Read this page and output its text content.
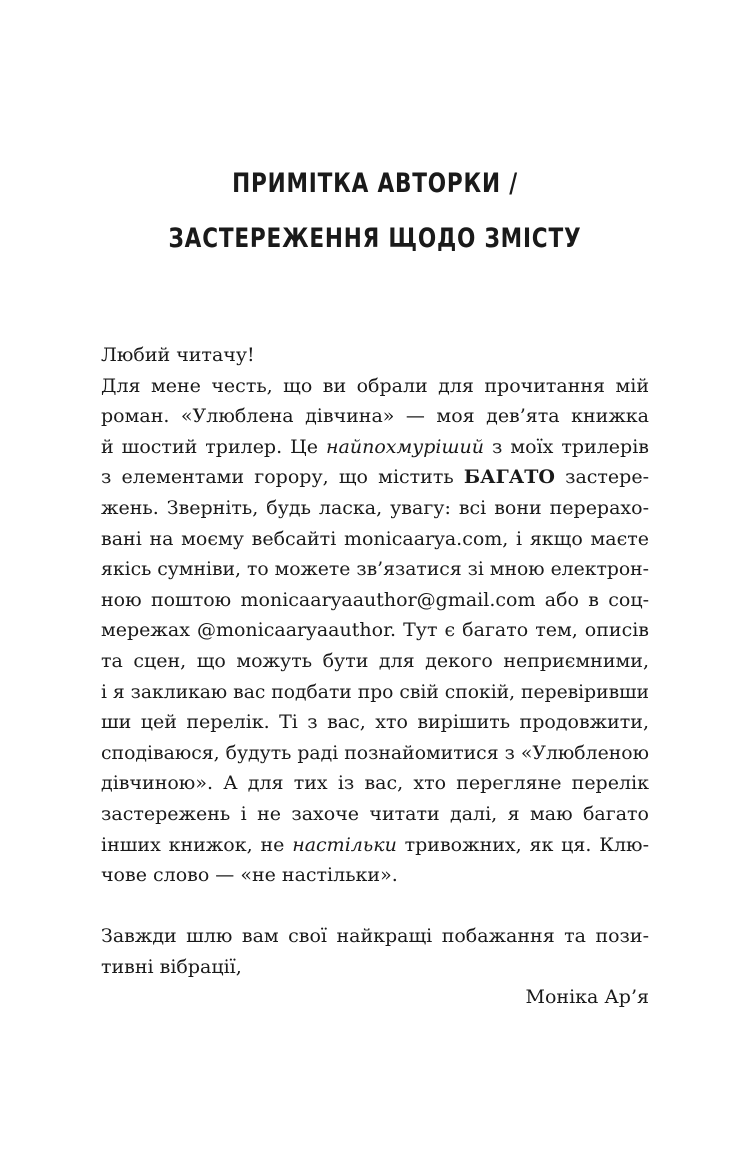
ПРИМІТКА АВТОРКИ /
ЗАСТЕРЕЖЕННЯ ЩОДО ЗМІСТУ
Любий читачу!
Для мене честь, що ви обрали для прочитання мій
роман. «Улюблена дівчина» — моя дев’ята книжка
й шостий трилер. Це найпохмуріший з моїх трилерів
з елементами горору, що містить БАГАТО застере-
жень. Зверніть, будь ласка, увагу: всі вони перерахо-
вані на моєму вебсайті monicaarya.com, і якщо маєте
якісь сумніви, то можете зв’язатися зі мною електрон-
ною поштою monicaaryaauthor@gmail.com або в соц-
мережах @monicaaryaauthor. Тут є багато тем, описів
та сцен, що можуть бути для декого неприємними,
і я закликаю вас подбати про свій спокій, перевіривши
ши цей перелік. Ті з вас, хто вирішить продовжити,
сподіваюся, будуть раді познайомитися з «Улюбленою
дівчиною». А для тих із вас, хто перегляне перелік
застережень і не захоче читати далі, я маю багато
інших книжок, не настільки тривожних, як ця. Клю-
чове слово — «не настільки».
Завжди шлю вам свої найкращі побажання та пози-
тивні вібрації,
Моніка Ар’я
